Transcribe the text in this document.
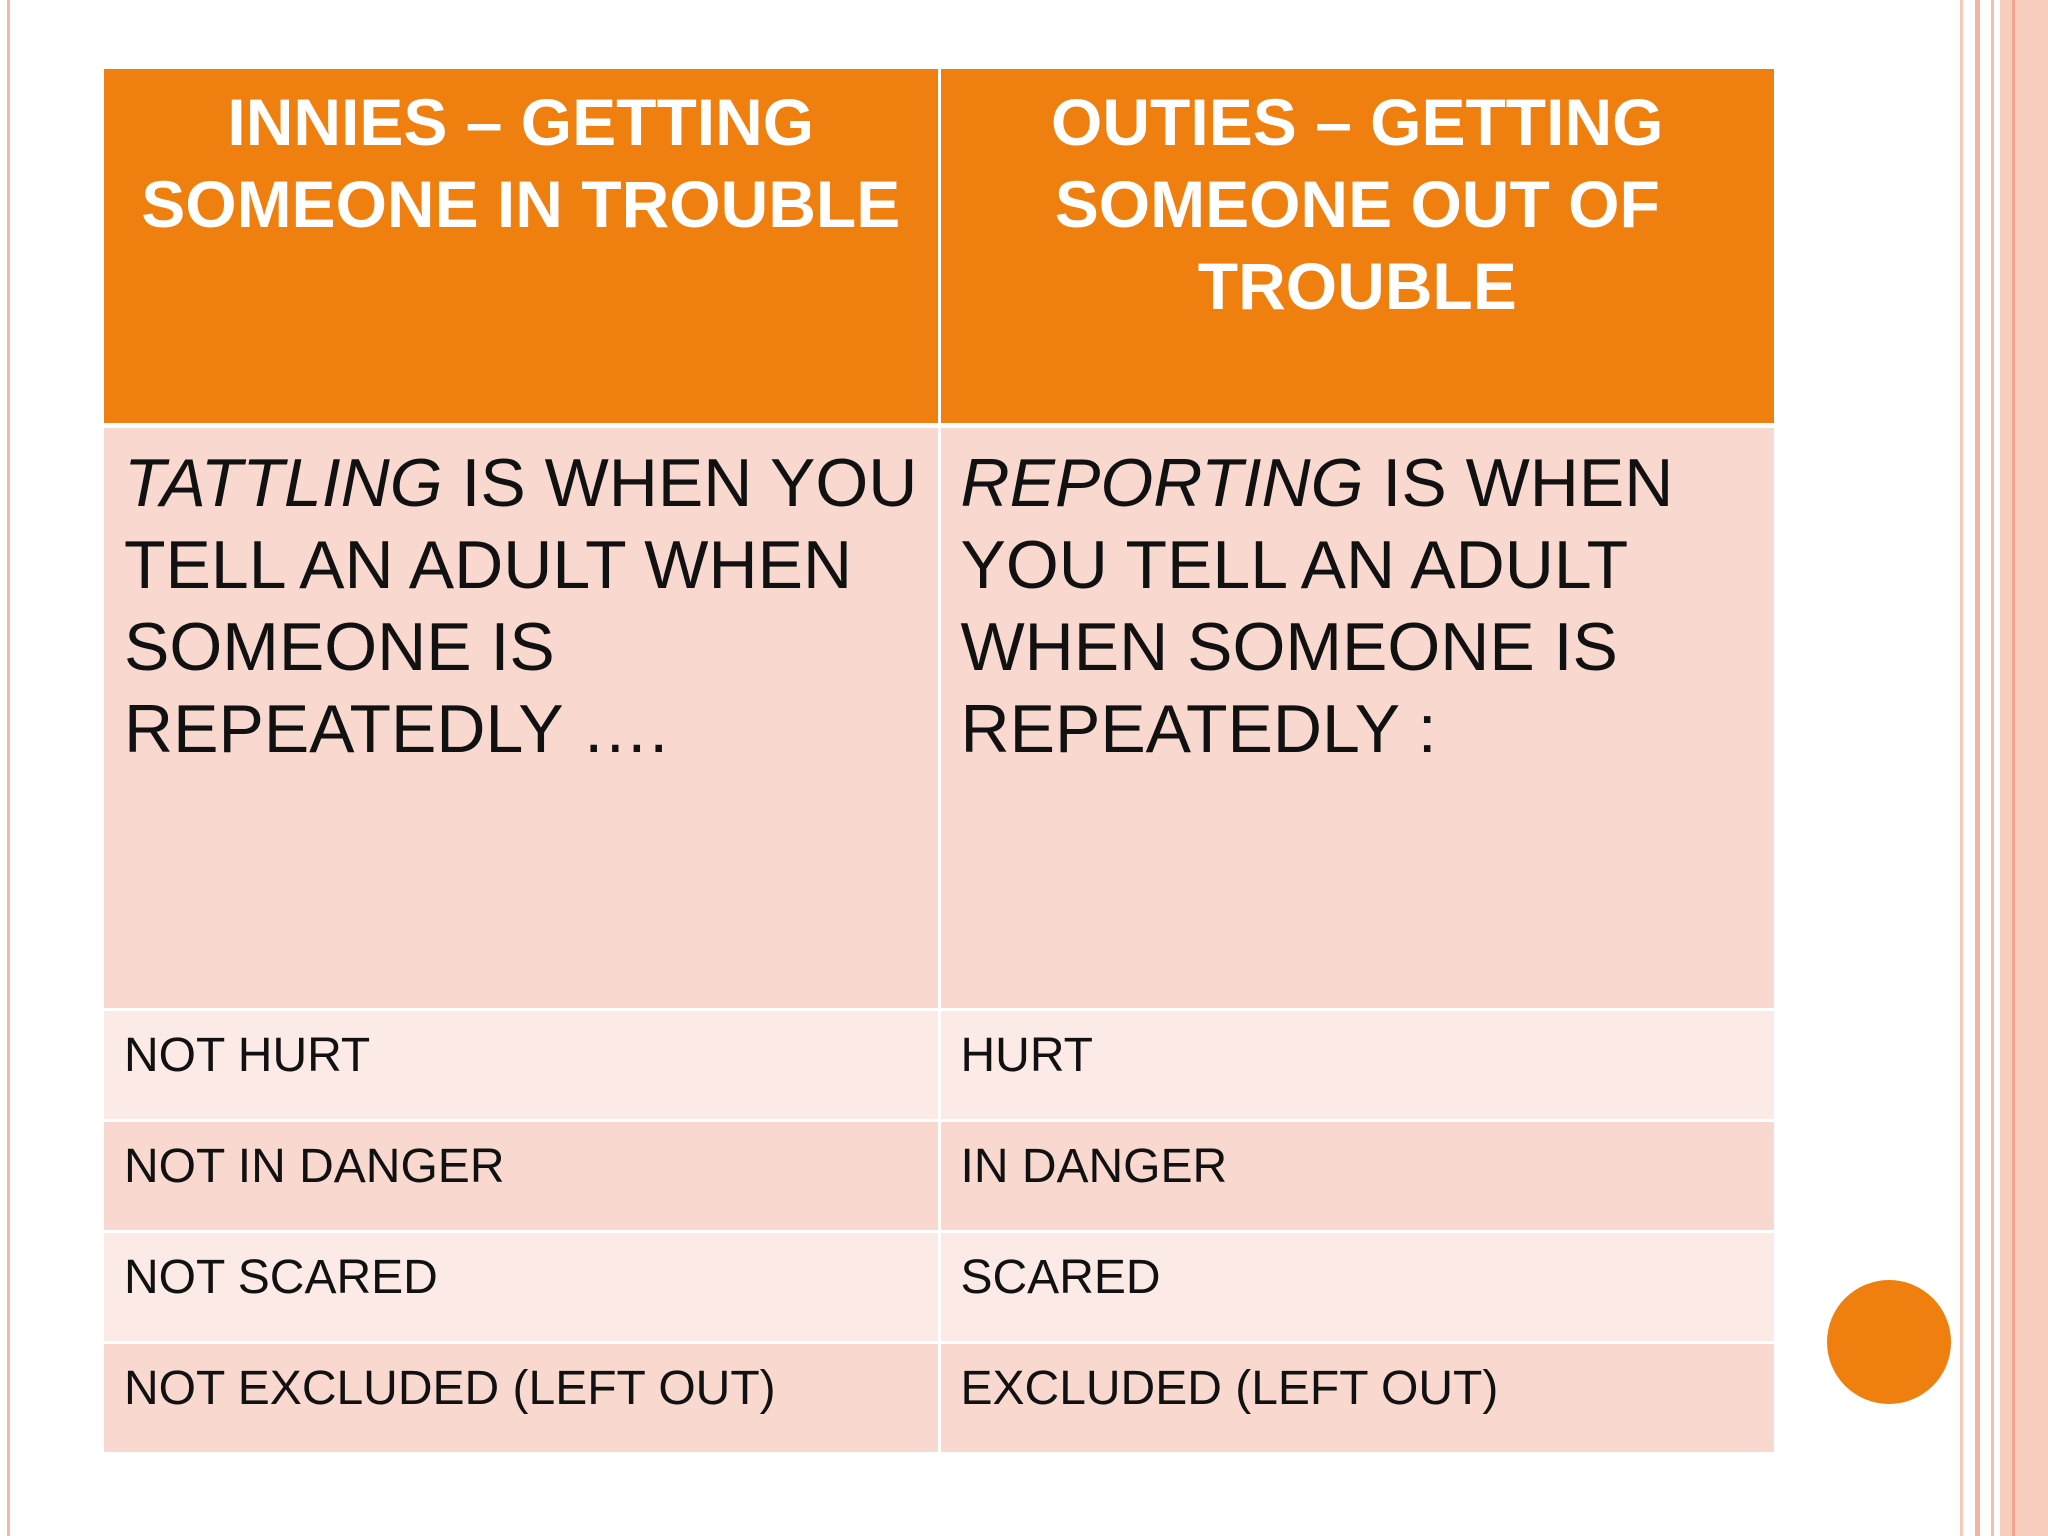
INNIES – GETTING SOMEONE IN TROUBLE	OUTIES – GETTING SOMEONE OUT OF TROUBLE

TATTLING IS WHEN YOU TELL AN ADULT WHEN SOMEONE IS REPEATEDLY ….	REPORTING IS WHEN YOU TELL AN ADULT WHEN SOMEONE IS REPEATEDLY :

NOT HURT	HURT

NOT IN DANGER	IN DANGER

NOT SCARED	SCARED

NOT EXCLUDED (LEFT OUT)	EXCLUDED (LEFT OUT)
